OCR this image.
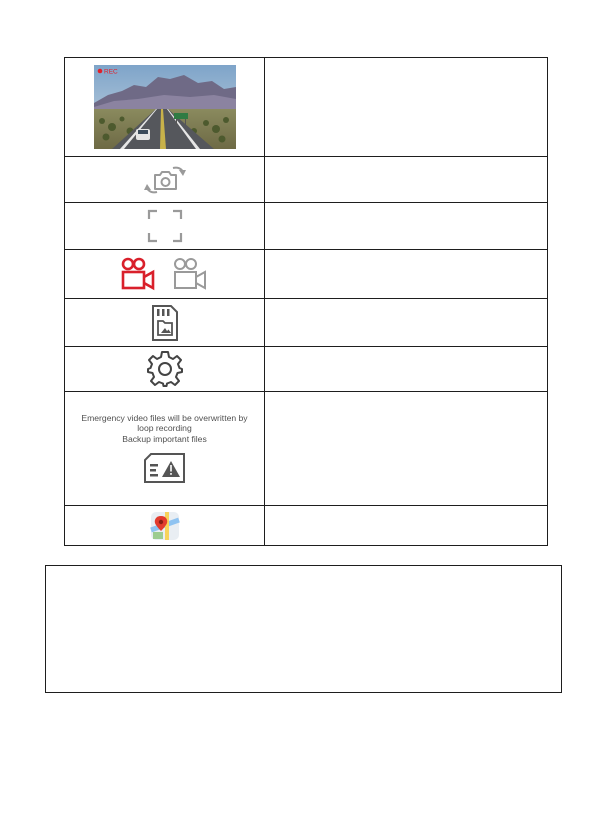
REC	

Emergency video files will be overwritten by
loop recording
Backup important files	
